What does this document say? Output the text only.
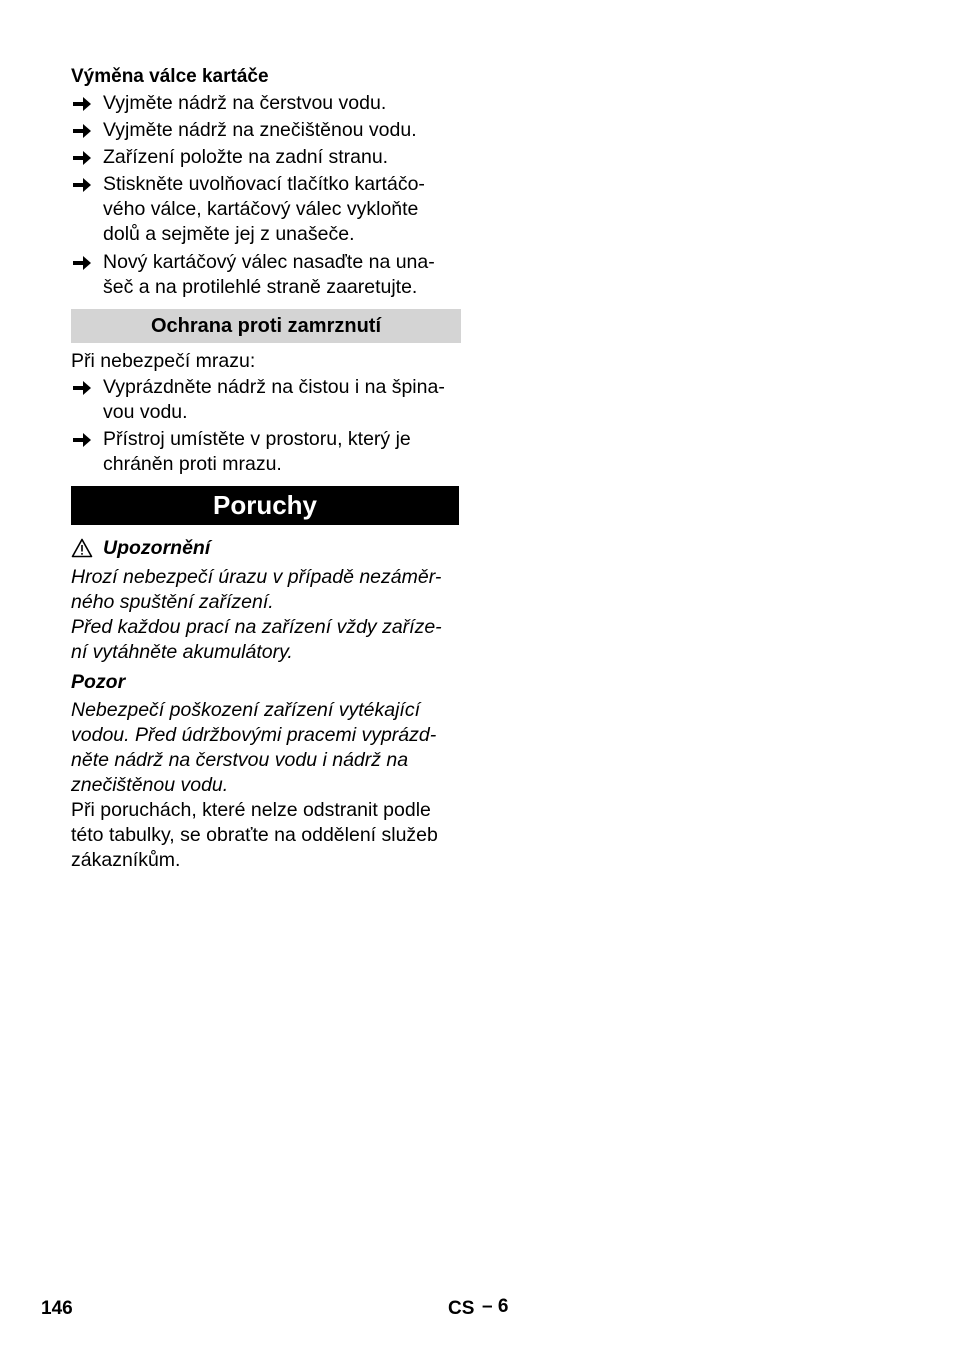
Výměna válce kartáče
Vyjměte nádrž na čerstvou vodu.
Vyjměte nádrž na znečištěnou vodu.
Zařízení položte na zadní stranu.
Stiskněte uvolňovací tlačítko kartáčo-
vého válce, kartáčový válec vykloňte
dolů a sejměte jej z unašeče.
Nový kartáčový válec nasaďte na una-
šeč a na protilehlé straně zaaretujte.
Ochrana proti zamrznutí
Při nebezpečí mrazu:
Vyprázdněte nádrž na čistou i na špina-
vou vodu.
Přístroj umístěte v prostoru, který je
chráněn proti mrazu.
Poruchy
Upozornění
Hrozí nebezpečí úrazu v případě nezáměr-
ného spuštění zařízení.
Před každou prací na zařízení vždy zaříze-
ní vytáhněte akumulátory.
Pozor
Nebezpečí poškození zařízení vytékající
vodou. Před údržbovými pracemi vyprázd-
něte nádrž na čerstvou vodu i nádrž na
znečištěnou vodu.
Při poruchách, které nelze odstranit podle
této tabulky, se obraťte na oddělení služeb
zákazníkům.
146	CS – 6
